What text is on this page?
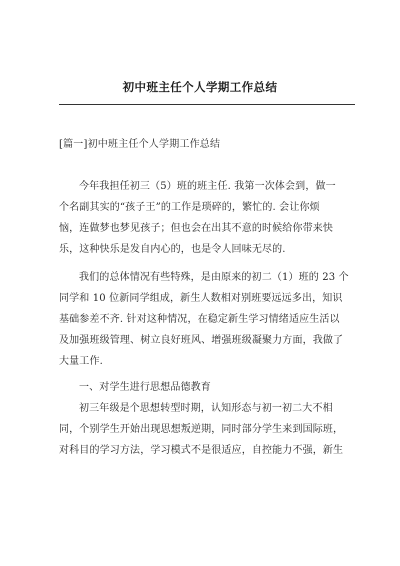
初中班主任个人学期工作总结
[篇一]初中班主任个人学期工作总结
今年我担任初三（5）班的班主任. 我第一次体会到，做一
个名副其实的“孩子王”的工作是琐碎的，繁忙的. 会让你烦
恼，连做梦也梦见孩子；但也会在出其不意的时候给你带来快
乐，这种快乐是发自内心的，也是令人回味无尽的.
我们的总体情况有些特殊，是由原来的初二（1）班的 23 个
同学和 10 位新同学组成，新生人数相对别班要远远多出，知识
基础参差不齐. 针对这种情况，在稳定新生学习情绪适应生活以
及加强班级管理、树立良好班风、增强班级凝聚力方面，我做了
大量工作.
一、对学生进行思想品德教育
初三年级是个思想转型时期，认知形态与初一初二大不相
同，个别学生开始出现思想叛逆期，同时部分学生来到国际班，
对科目的学习方法，学习模式不是很适应，自控能力不强，新生
